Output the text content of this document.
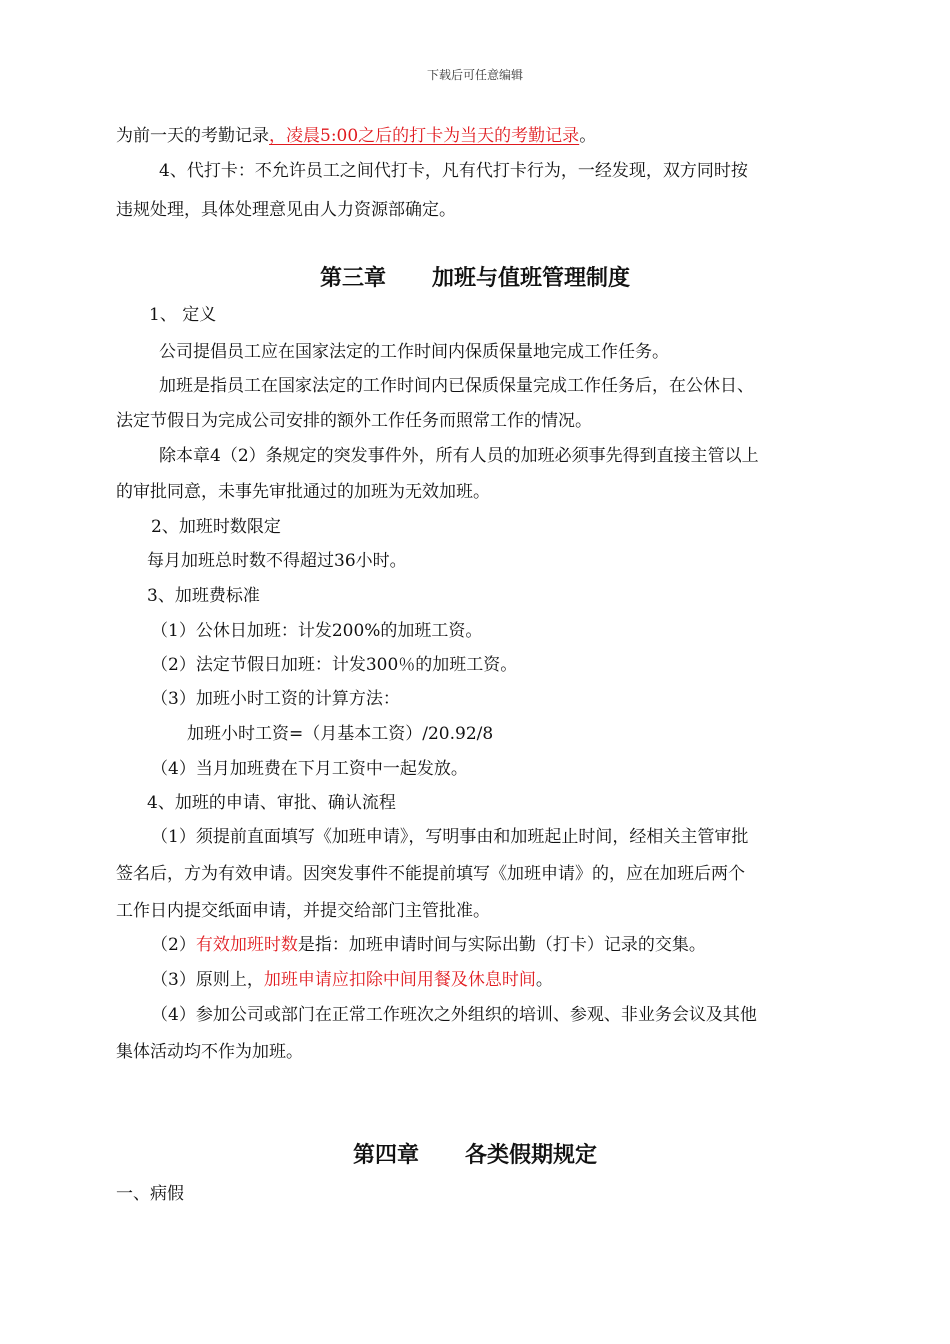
下载后可任意编辑
为前一天的考勤记录，凌晨5:00之后的打卡为当天的考勤记录。
4、代打卡：不允许员工之间代打卡，凡有代打卡行为，一经发现，双方同时按
违规处理，具体处理意见由人力资源部确定。
第三章 加班与值班管理制度
1、 定义
公司提倡员工应在国家法定的工作时间内保质保量地完成工作任务。
加班是指员工在国家法定的工作时间内已保质保量完成工作任务后，在公休日、
法定节假日为完成公司安排的额外工作任务而照常工作的情况。
除本章4（2）条规定的突发事件外，所有人员的加班必须事先得到直接主管以上
的审批同意，未事先审批通过的加班为无效加班。
2、加班时数限定
每月加班总时数不得超过36小时。
3、加班费标准
（1）公休日加班：计发200%的加班工资。
（2）法定节假日加班：计发300％的加班工资。
（3）加班小时工资的计算方法：
加班小时工资=（月基本工资）/20.92/8
（4）当月加班费在下月工资中一起发放。
4、加班的申请、审批、确认流程
（1）须提前直面填写《加班申请》，写明事由和加班起止时间，经相关主管审批
签名后，方为有效申请。因突发事件不能提前填写《加班申请》的，应在加班后两个
工作日内提交纸面申请，并提交给部门主管批准。
（2）有效加班时数是指：加班申请时间与实际出勤（打卡）记录的交集。
（3）原则上，加班申请应扣除中间用餐及休息时间。
（4）参加公司或部门在正常工作班次之外组织的培训、参观、非业务会议及其他
集体活动均不作为加班。
第四章 各类假期规定
一、病假
